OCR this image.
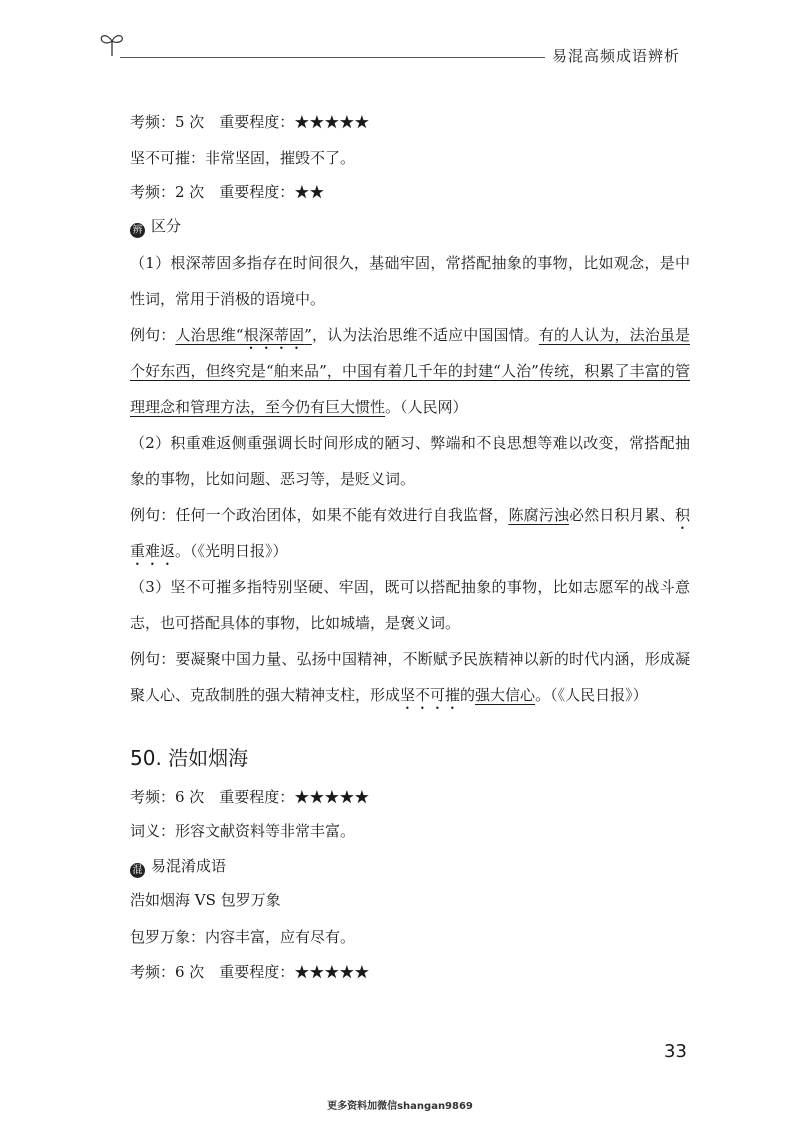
易混高频成语辨析
考频：5 次　重要程度：★★★★★
坚不可摧：非常坚固，摧毁不了。
考频：2 次　重要程度：★★
辨 区分
（1）根深蒂固多指存在时间很久，基础牢固，常搭配抽象的事物，比如观念，是中性词，常用于消极的语境中。
例句：人治思维“根深蒂固”，认为法治思维不适应中国国情。有的人认为，法治虽是个好东西，但终究是“舶来品”，中国有着几千年的封建“人治”传统，积累了丰富的管理理念和管理方法，至今仍有巨大惯性。（人民网）
（2）积重难返侧重强调长时间形成的陋习、弊端和不良思想等难以改变，常搭配抽象的事物，比如问题、恶习等，是贬义词。
例句：任何一个政治团体，如果不能有效进行自我监督，陈腐污浊必然日积月累、积重难返。（《光明日报》）
（3）坚不可摧多指特别坚硬、牢固，既可以搭配抽象的事物，比如志愿军的战斗意志，也可搭配具体的事物，比如城墙，是褒义词。
例句：要凝聚中国力量、弘扬中国精神，不断赋予民族精神以新的时代内涵，形成凝聚人心、克敌制胜的强大精神支柱，形成坚不可摧的强大信心。（《人民日报》）
50. 浩如烟海
考频：6 次　重要程度：★★★★★
词义：形容文献资料等非常丰富。
混 易混淆成语
浩如烟海 VS 包罗万象
包罗万象：内容丰富，应有尽有。
考频：6 次　重要程度：★★★★★
33
更多资料加微信shangan9869
